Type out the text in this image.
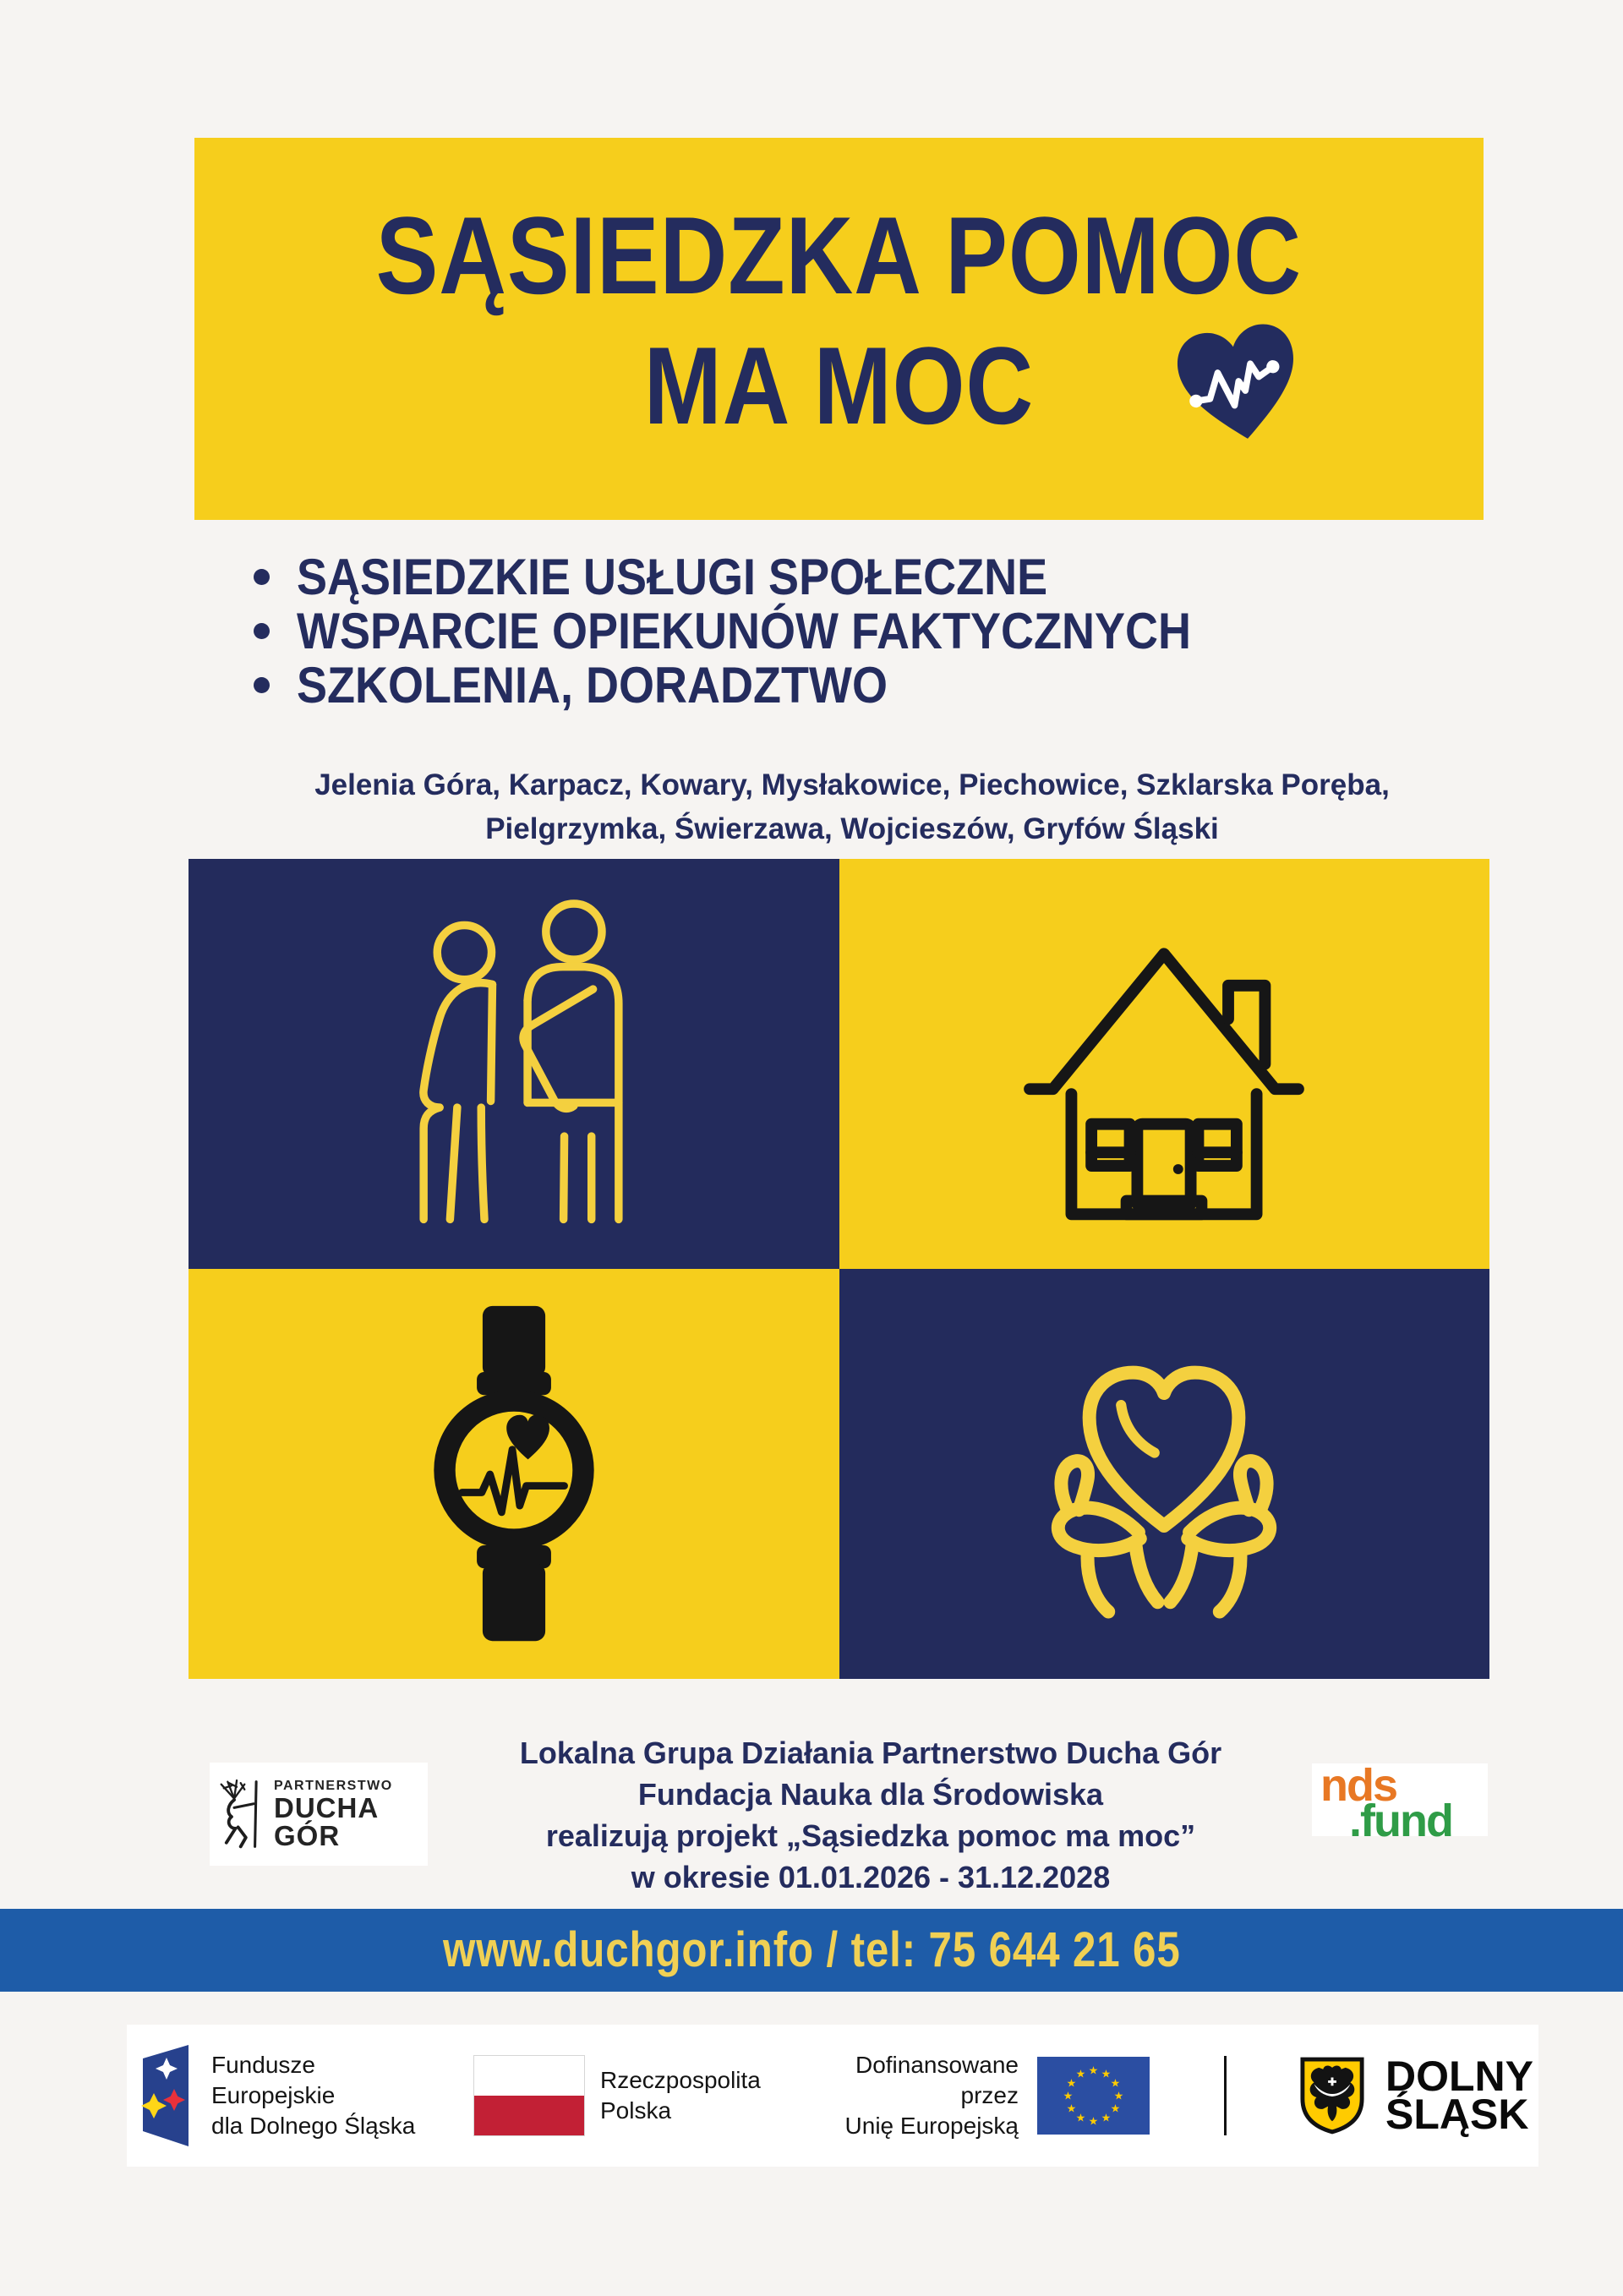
SĄSIEDZKA POMOC
MA MOC
SĄSIEDZKIE USŁUGI SPOŁECZNE
WSPARCIE OPIEKUNÓW FAKTYCZNYCH
SZKOLENIA, DORADZTWO
Jelenia Góra, Karpacz, Kowary, Mysłakowice, Piechowice, Szklarska Poręba,
Pielgrzymka, Świerzawa, Wojcieszów, Gryfów Śląski
PARTNERSTWO
DUCHA
GÓR
Lokalna Grupa Działania Partnerstwo Ducha Gór
Fundacja Nauka dla Środowiska
realizują projekt „Sąsiedzka pomoc ma moc”
w okresie 01.01.2026 - 31.12.2028
nds
.fund
www.duchgor.info / tel: 75 644 21 65
Fundusze Europejskie
dla Dolnego Śląska
Rzeczpospolita
Polska
Dofinansowane przez
Unię Europejską
★ ★
★
★
★
★
★
★
★
★
★
★	DOLNY
ŚLĄSK
